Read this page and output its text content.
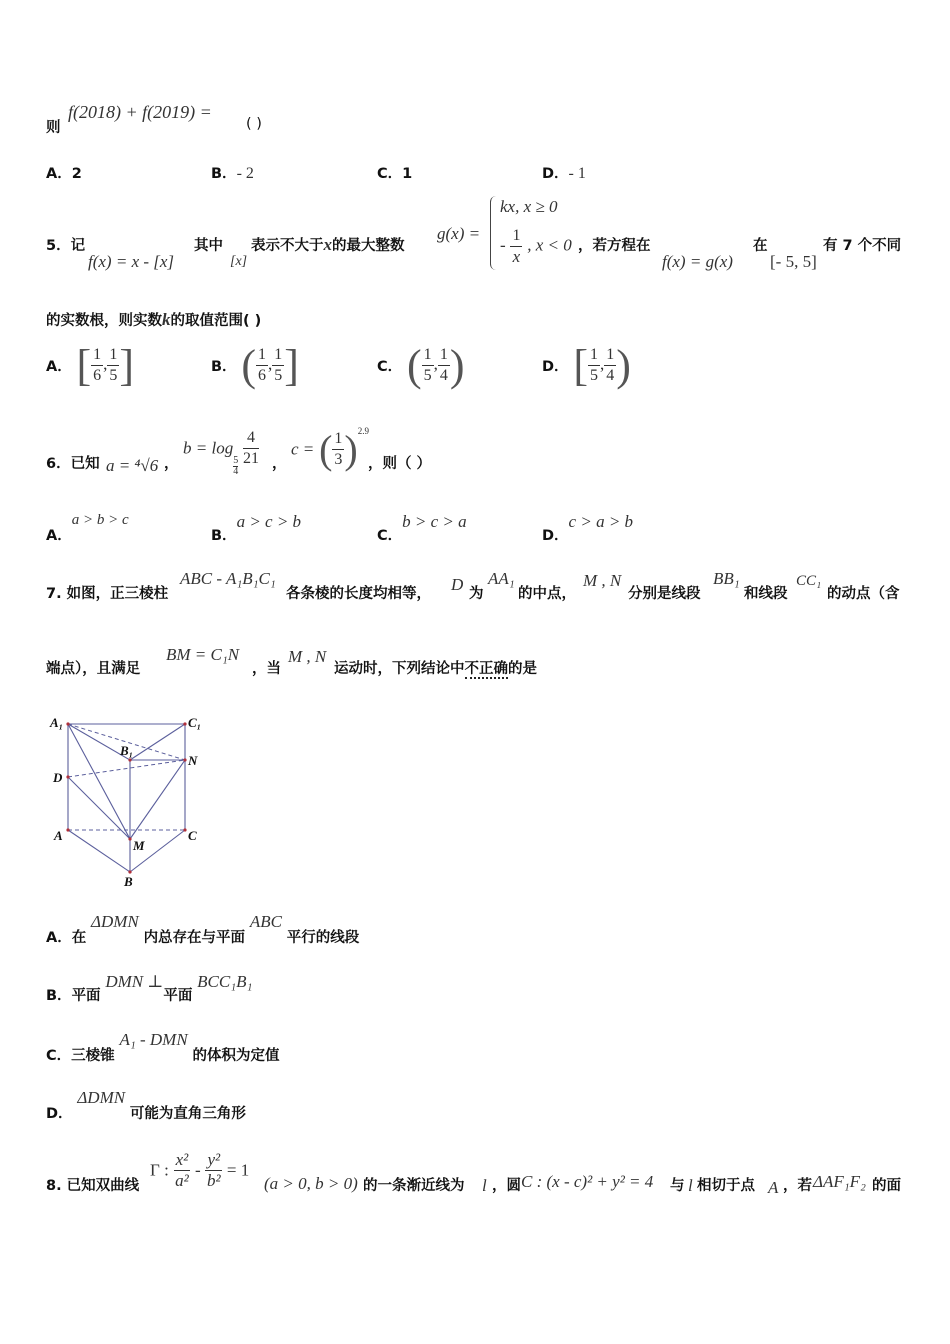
则
f(2018) + f(2019) =
( )
A．2	B．- 2	C．1	D．- 1
5．记
f(x) = x - [x]
其中
[x]
表示不大于x的最大整数
g(x) =
kx, x ≥ 0
- $\frac{1}{x}$ , x < 0 ，若方程在
f(x) = g(x)
在
[- 5, 5]
有 7 个不同
的实数根，则实数k的取值范围( )
A． [ $\frac{1}{6}$ , $\frac{1}{5}$ ]	B． ( $\frac{1}{6}$ , $\frac{1}{5}$ ]	C． ( $\frac{1}{5}$ , $\frac{1}{4}$ )	D． [ $\frac{1}{5}$ , $\frac{1}{4}$ )
6．已知 a = ⁴√6 ，
b = log
$\frac{5}{4}$
$\frac{4}{21}$ ，
c = ( $\frac{1}{3} )^{2.9}$
，则（ ）
A．a > b > c
B．a > c > b
C．b > c > a
D．c > a > b
7. 如图，正三棱柱
ABC - A₁B₁C₁
各条棱的长度均相等， D 为
AA₁
的中点，
M , N
分别是线段
BB₁
和线段
CC₁
的动点（含
端点），且满足
BM = C₁N
，当
M , N
运动时，下列结论中不正确的是
A₁	C₁
B₁
D
N
A	C
M
B
A．在 ΔDMN 内总存在与平面 ABC 平行的线段
B．平面 DMN ⊥平面 BCC₁B₁
C．三棱锥 A₁ - DMN 的体积为定值
D． ΔDMN 可能为直角三角形
8. 已知双曲线
Γ : $\frac{\text{x²}}{\text{a²}} - \frac{\text{y²}}{\text{b²}} = 1$
(a > 0, b > 0) 的一条渐近线为 l ，圆 C : (x - c)² + y² = 4 与 l 相切于点 A ，若 ΔAF₁F₂ 的面
